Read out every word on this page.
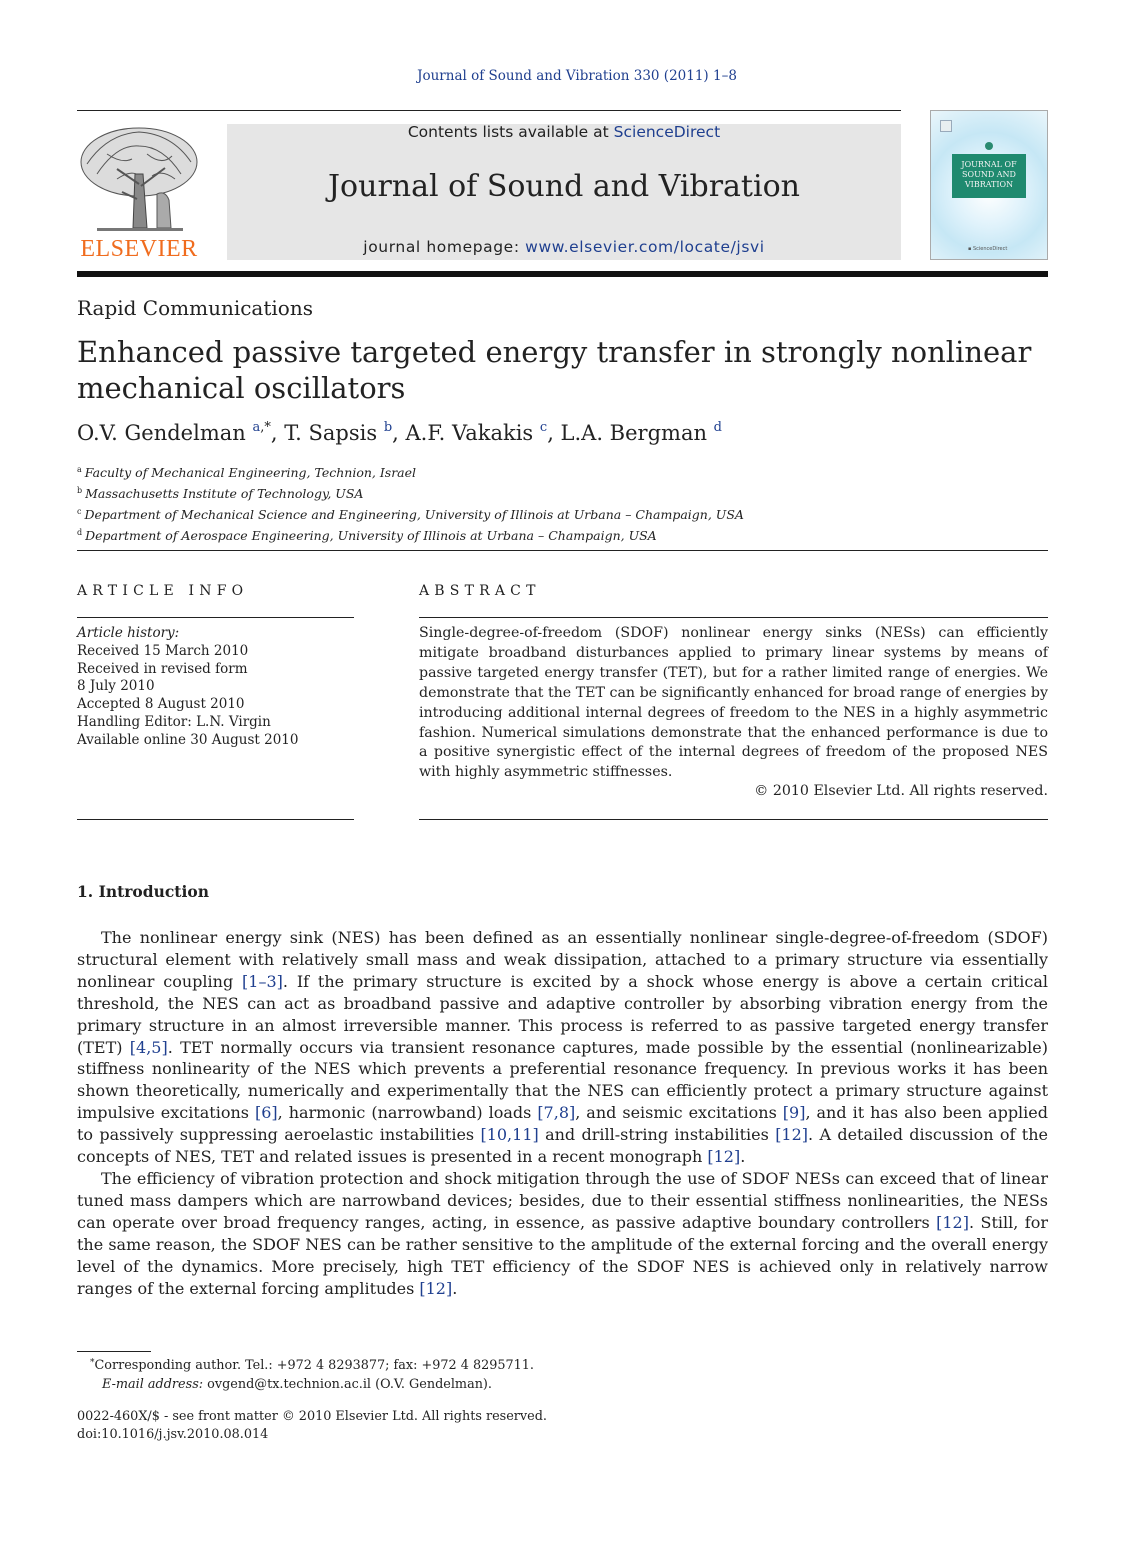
Journal of Sound and Vibration 330 (2011) 1–8
ELSEVIER
Contents lists available at ScienceDirect
Journal of Sound and Vibration
journal homepage: www.elsevier.com/locate/jsvi
JOURNAL OF SOUND AND VIBRATION
▪ ScienceDirect
Rapid Communications
Enhanced passive targeted energy transfer in strongly nonlinear mechanical oscillators
O.V. Gendelman $^{a,*}$, T. Sapsis $^b$, A.F. Vakakis $^c$, L.A. Bergman $^d$
$^a$ Faculty of Mechanical Engineering, Technion, Israel
$^b$ Massachusetts Institute of Technology, USA
$^c$ Department of Mechanical Science and Engineering, University of Illinois at Urbana – Champaign, USA
$^d$ Department of Aerospace Engineering, University of Illinois at Urbana – Champaign, USA
ARTICLE INFO	ABSTRACT
Article history:
Received 15 March 2010
Received in revised form
8 July 2010
Accepted 8 August 2010
Handling Editor: L.N. Virgin
Available online 30 August 2010
Single-degree-of-freedom (SDOF) nonlinear energy sinks (NESs) can efficiently mitigate broadband disturbances applied to primary linear systems by means of passive targeted energy transfer (TET), but for a rather limited range of energies. We demonstrate that the TET can be significantly enhanced for broad range of energies by introducing additional internal degrees of freedom to the NES in a highly asymmetric fashion. Numerical simulations demonstrate that the enhanced performance is due to a positive synergistic effect of the internal degrees of freedom of the proposed NES with highly asymmetric stiffnesses.
© 2010 Elsevier Ltd. All rights reserved.
1. Introduction

The nonlinear energy sink (NES) has been defined as an essentially nonlinear single-degree-of-freedom (SDOF) structural element with relatively small mass and weak dissipation, attached to a primary structure via essentially nonlinear coupling [1–3]. If the primary structure is excited by a shock whose energy is above a certain critical threshold, the NES can act as broadband passive and adaptive controller by absorbing vibration energy from the primary structure in an almost irreversible manner. This process is referred to as passive targeted energy transfer (TET) [4,5]. TET normally occurs via transient resonance captures, made possible by the essential (nonlinearizable) stiffness nonlinearity of the NES which prevents a preferential resonance frequency. In previous works it has been shown theoretically, numerically and experimentally that the NES can efficiently protect a primary structure against impulsive excitations [6], harmonic (narrowband) loads [7,8], and seismic excitations [9], and it has also been applied to passively suppressing aeroelastic instabilities [10,11] and drill-string instabilities [12]. A detailed discussion of the concepts of NES, TET and related issues is presented in a recent monograph [12].

The efficiency of vibration protection and shock mitigation through the use of SDOF NESs can exceed that of linear tuned mass dampers which are narrowband devices; besides, due to their essential stiffness nonlinearities, the NESs can operate over broad frequency ranges, acting, in essence, as passive adaptive boundary controllers [12]. Still, for the same reason, the SDOF NES can be rather sensitive to the amplitude of the external forcing and the overall energy level of the dynamics. More precisely, high TET efficiency of the SDOF NES is achieved only in relatively narrow ranges of the external forcing amplitudes [12].

*Corresponding author. Tel.: +972 4 8293877; fax: +972 4 8295711.
E-mail address: ovgend@tx.technion.ac.il (O.V. Gendelman).
0022-460X/$ - see front matter © 2010 Elsevier Ltd. All rights reserved.
doi:10.1016/j.jsv.2010.08.014
